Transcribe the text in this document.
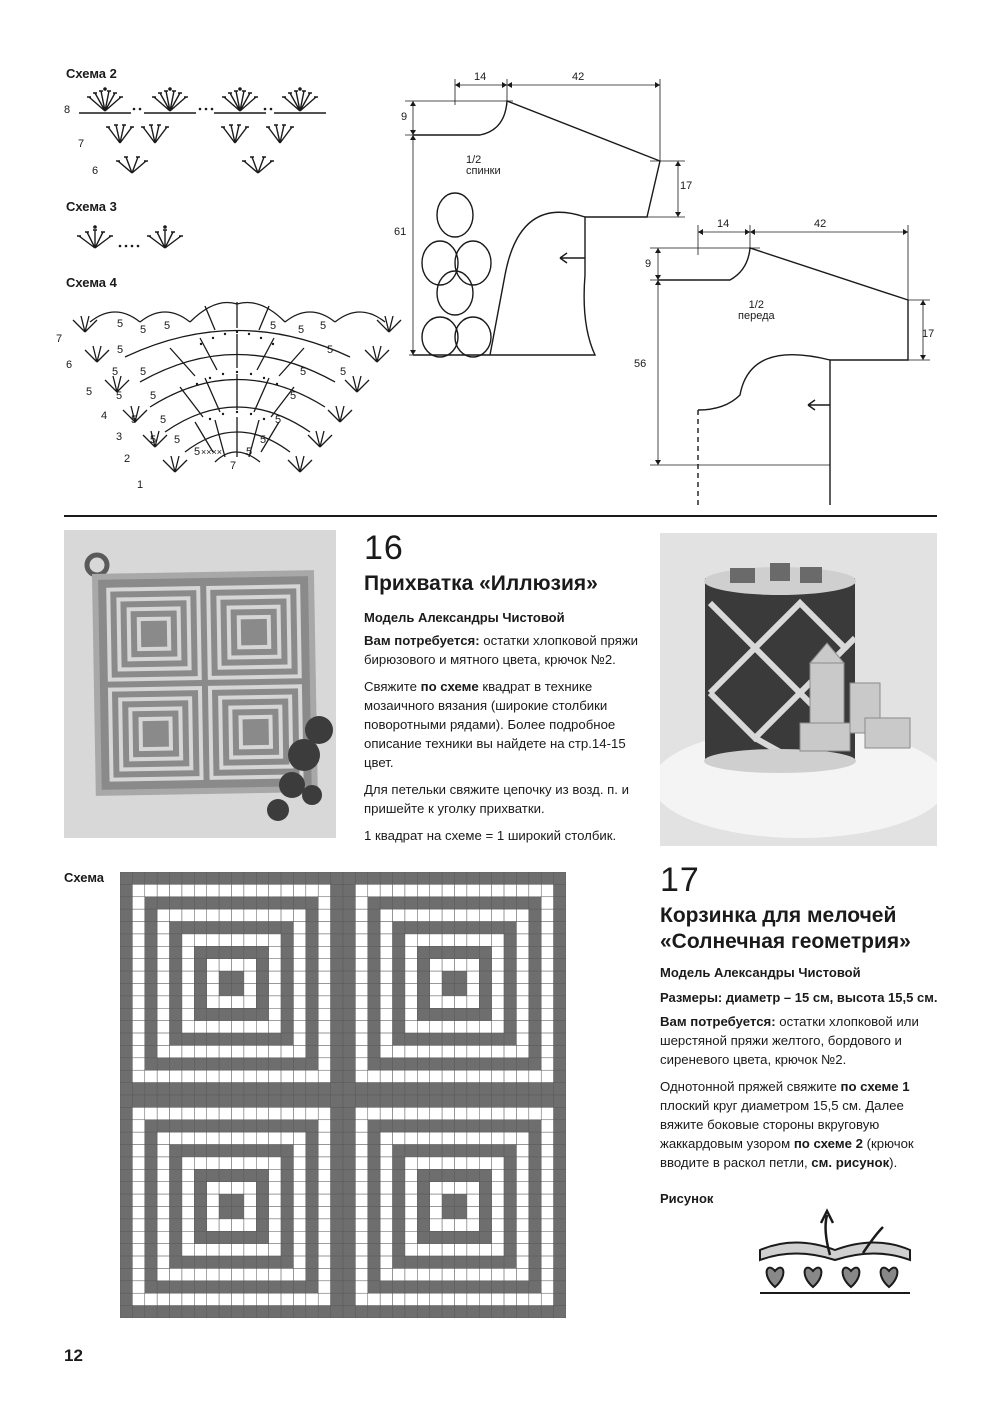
Схема 2
Схема 3
Схема 4
8
7
6
7
6
5
4
3
2
1
5 5 5	5 5 5
5	5
5	5
5	5
5	5
5
5	5
5
5	5
5	5
5
××××
7
14	42
9
61
17
1/2
спинки
14	42
9
56
17
1/2
переда
16
Прихватка «Иллюзия»
Модель Александры Чистовой

Вам потребуется: остатки хлопковой пряжи бирюзового и мятного цвета, крючок №2.

Свяжите по схеме квадрат в технике мозаичного вязания (широкие столбики поворотными рядами). Более подробное описание техники вы найдете на стр.14-15 цвет.

Для петельки свяжите цепочку из возд. п. и пришейте к уголку прихватки.

1 квадрат на схеме = 1 широкий столбик.

Схема	17
Корзинка для мелочей
«Солнечная геометрия»
Модель Александры Чистовой
Размеры: диаметр – 15 см, высота 15,5 см.

Вам потребуется: остатки хлопковой или шерстяной пряжи желтого, бордового и сиреневого цвета, крючок №2.

Однотонной пряжей свяжите по схеме 1 плоский круг диаметром 15,5 см. Далее вяжите боковые стороны вкруговую жаккардовым узором по схеме 2 (крючок вводите в раскол петли, см. рисунок).

Рисунок
12
